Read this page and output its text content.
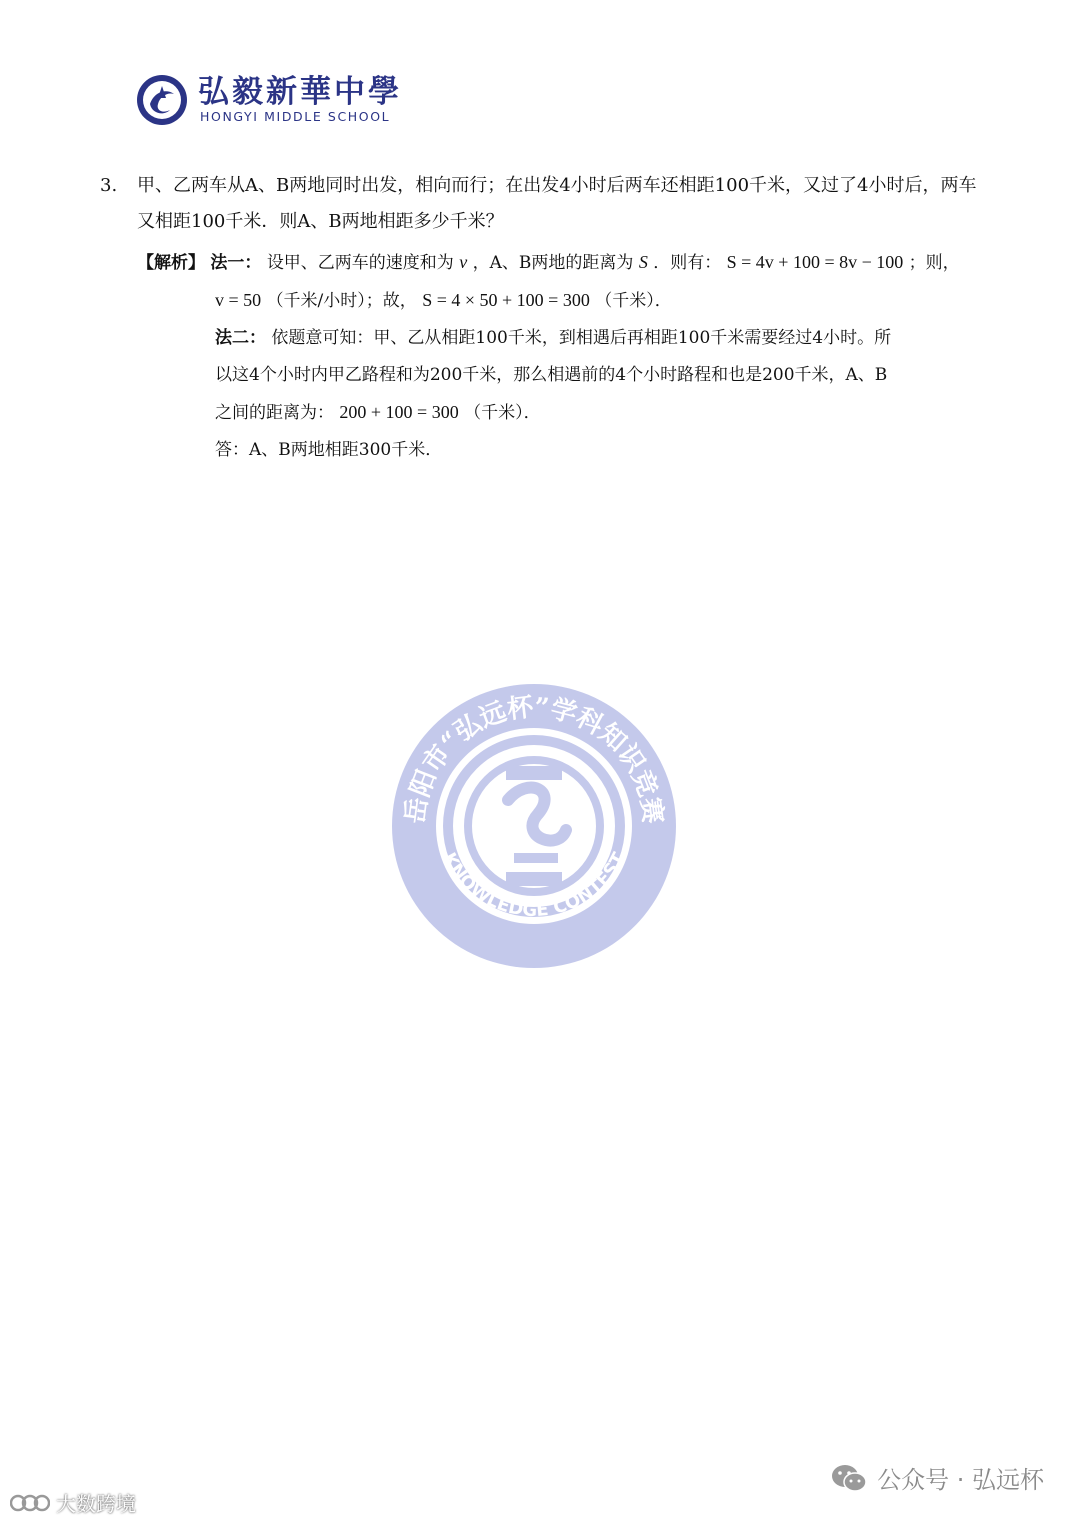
弘毅新華中學
HONGYI MIDDLE SCHOOL
3. 甲、乙两车从A、B两地同时出发，相向而行；在出发4小时后两车还相距100千米，又过了4小时后，两车又相距100千米．则A、B两地相距多少千米？
【解析】 法一： 设甲、乙两车的速度和为 v ，A、B两地的距离为 S ．则有： S = 4v + 100 = 8v − 100 ；则，
v = 50 （千米/小时）；故， S = 4 × 50 + 100 = 300 （千米）．
法二： 依题意可知：甲、乙从相距100千米，到相遇后再相距100千米需要经过4小时。所
以这4个小时内甲乙路程和为200千米，那么相遇前的4个小时路程和也是200千米，A、B
之间的距离为： 200 + 100 = 300 （千米）．
答：A、B两地相距300千米．
岳阳市“弘远杯”学科知识竞赛
KNOWLEDGE CONTEST
公众号 · 弘远杯
大数跨境
